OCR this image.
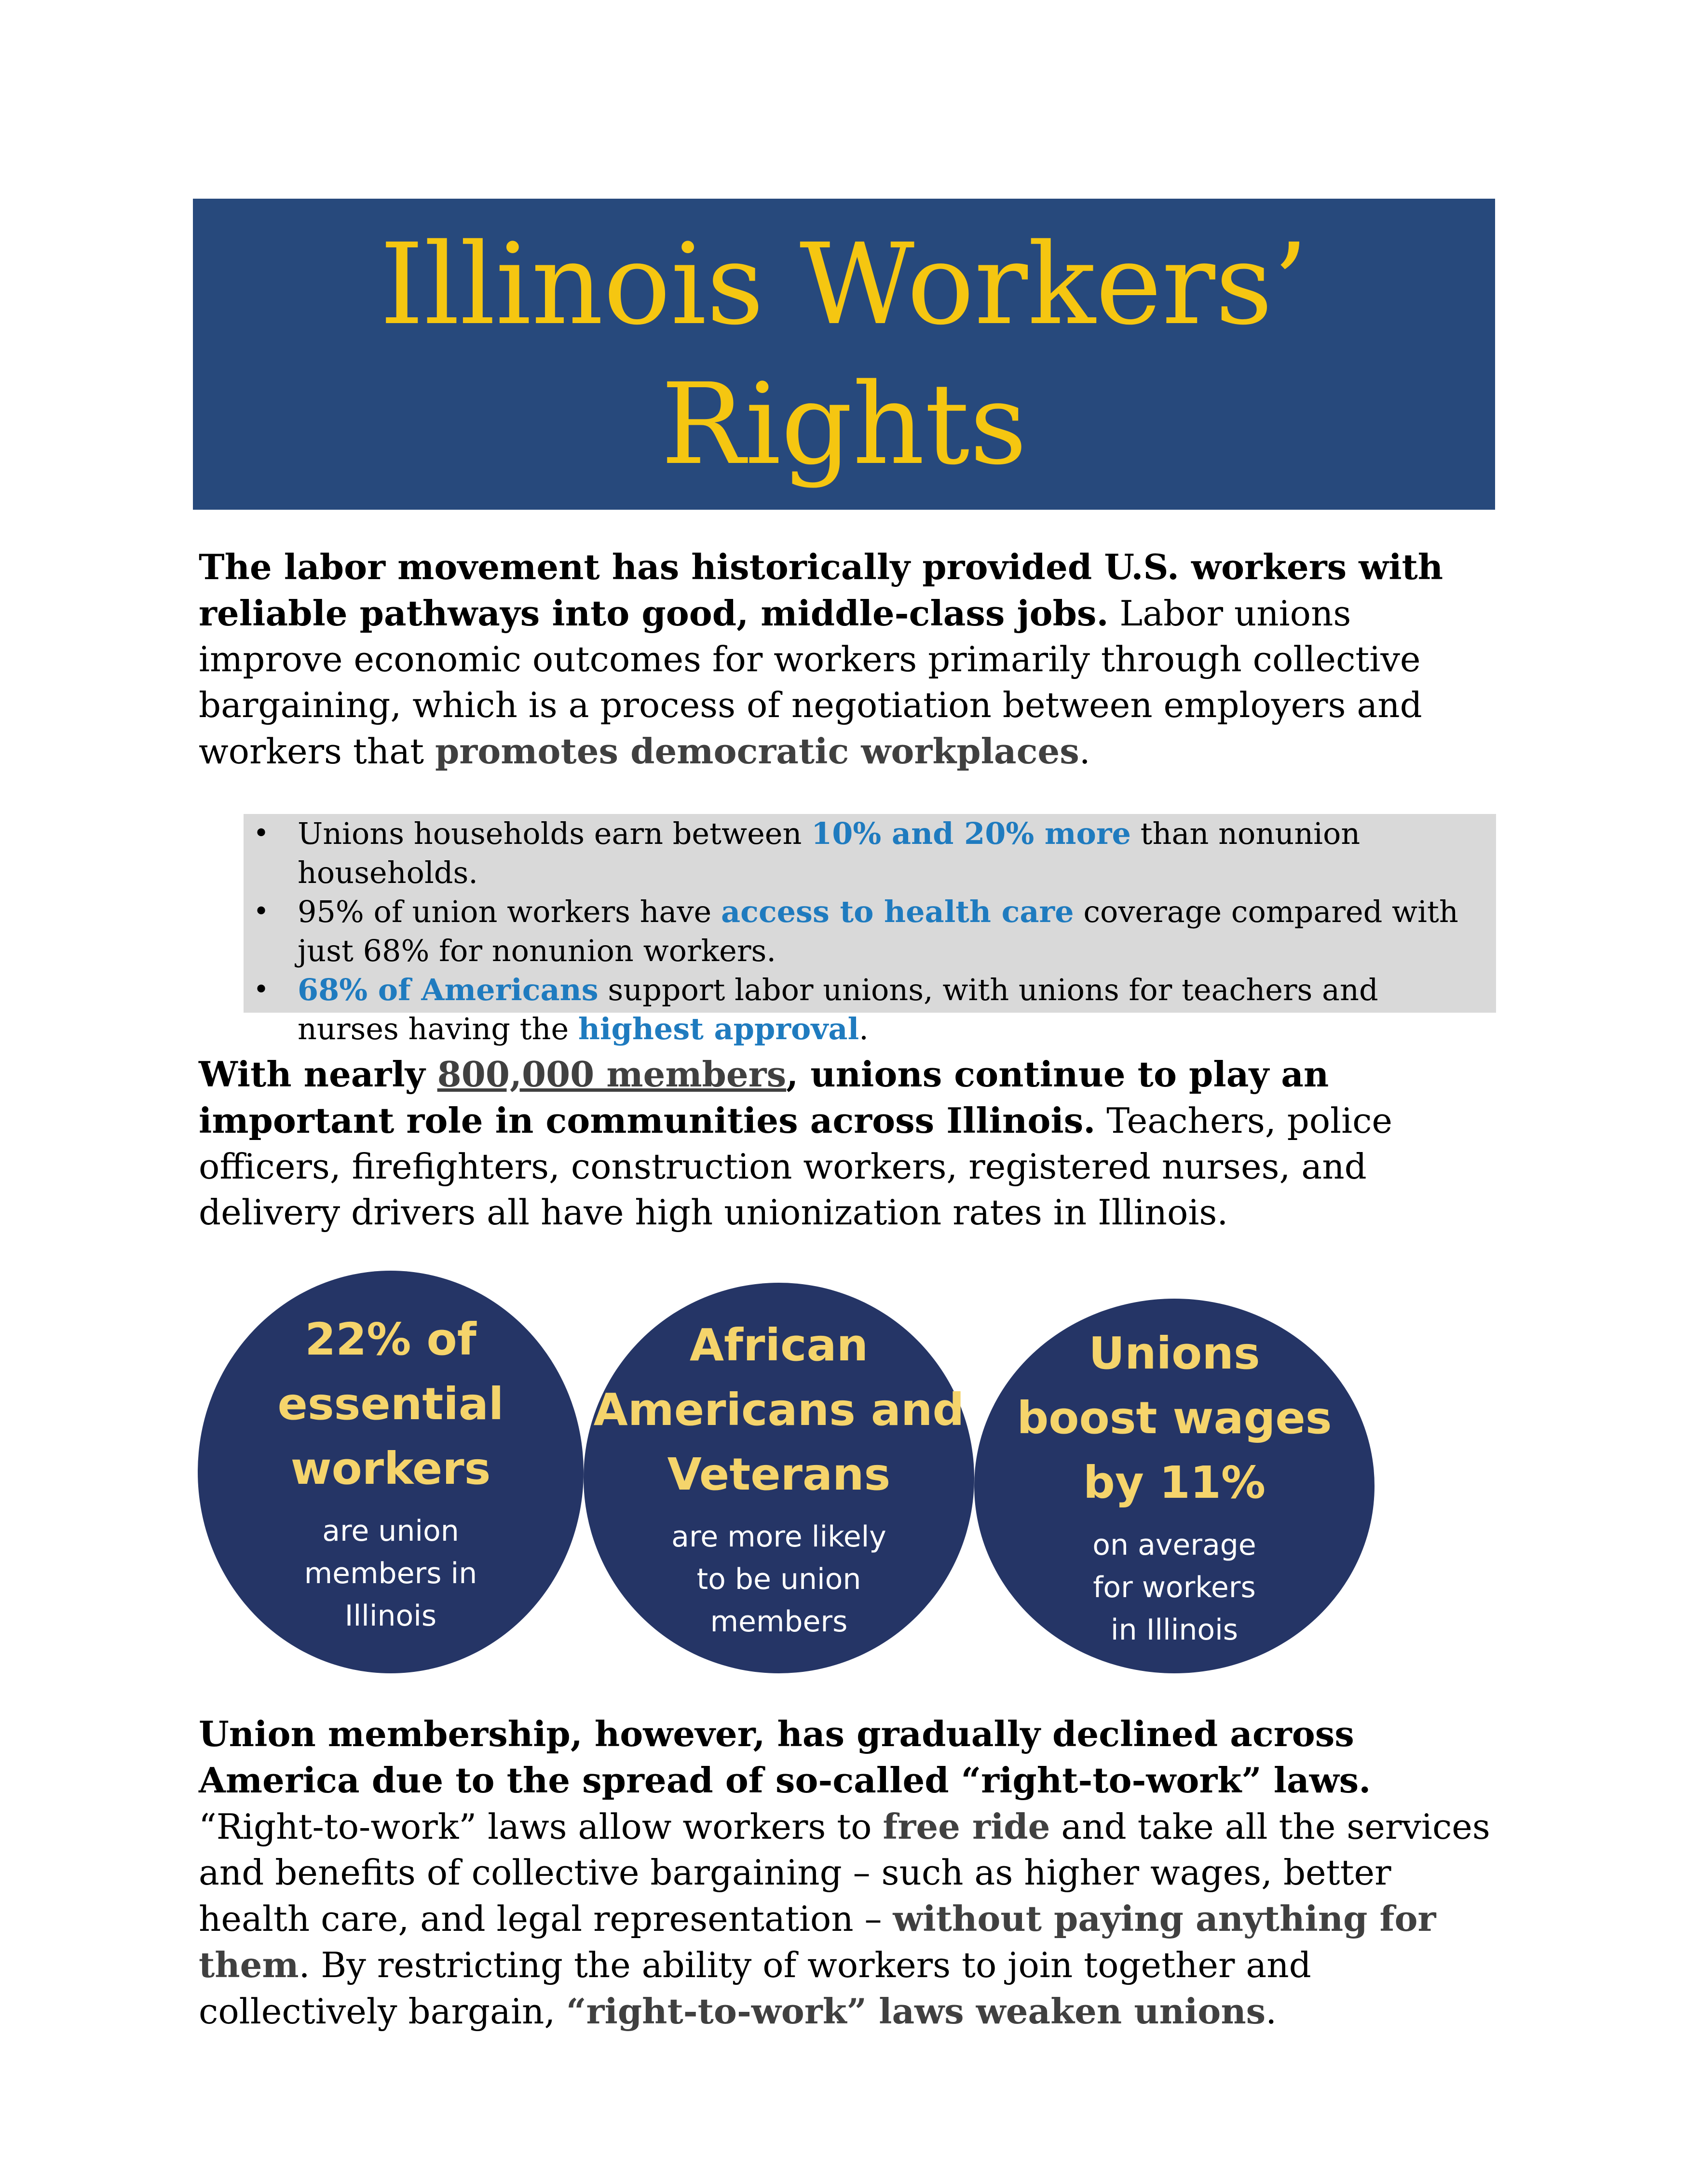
Illinois Workers’
Rights
The labor movement has historically provided U.S. workers with reliable pathways into good, middle-class jobs. Labor unions improve economic outcomes for workers primarily through collective bargaining, which is a process of negotiation between employers and workers that promotes democratic workplaces.
• Unions households earn between 10% and 20% more than nonunion households.
• 95% of union workers have access to health care coverage compared with just 68% for nonunion workers.
• 68% of Americans support labor unions, with unions for teachers and nurses having the highest approval.
With nearly 800,000 members, unions continue to play an important role in communities across Illinois. Teachers, police officers, firefighters, construction workers, registered nurses, and delivery drivers all have high unionization rates in Illinois.
22% of
essential
workers
are union
members in
Illinois
African
Americans and
Veterans
are more likely
to be union
members
Unions
boost wages
by 11%
on average
for workers
in Illinois
Union membership, however, has gradually declined across America due to the spread of so-called “right-to-work” laws. “Right-to-work” laws allow workers to free ride and take all the services and benefits of collective bargaining – such as higher wages, better health care, and legal representation – without paying anything for them. By restricting the ability of workers to join together and collectively bargain, “right-to-work” laws weaken unions.
